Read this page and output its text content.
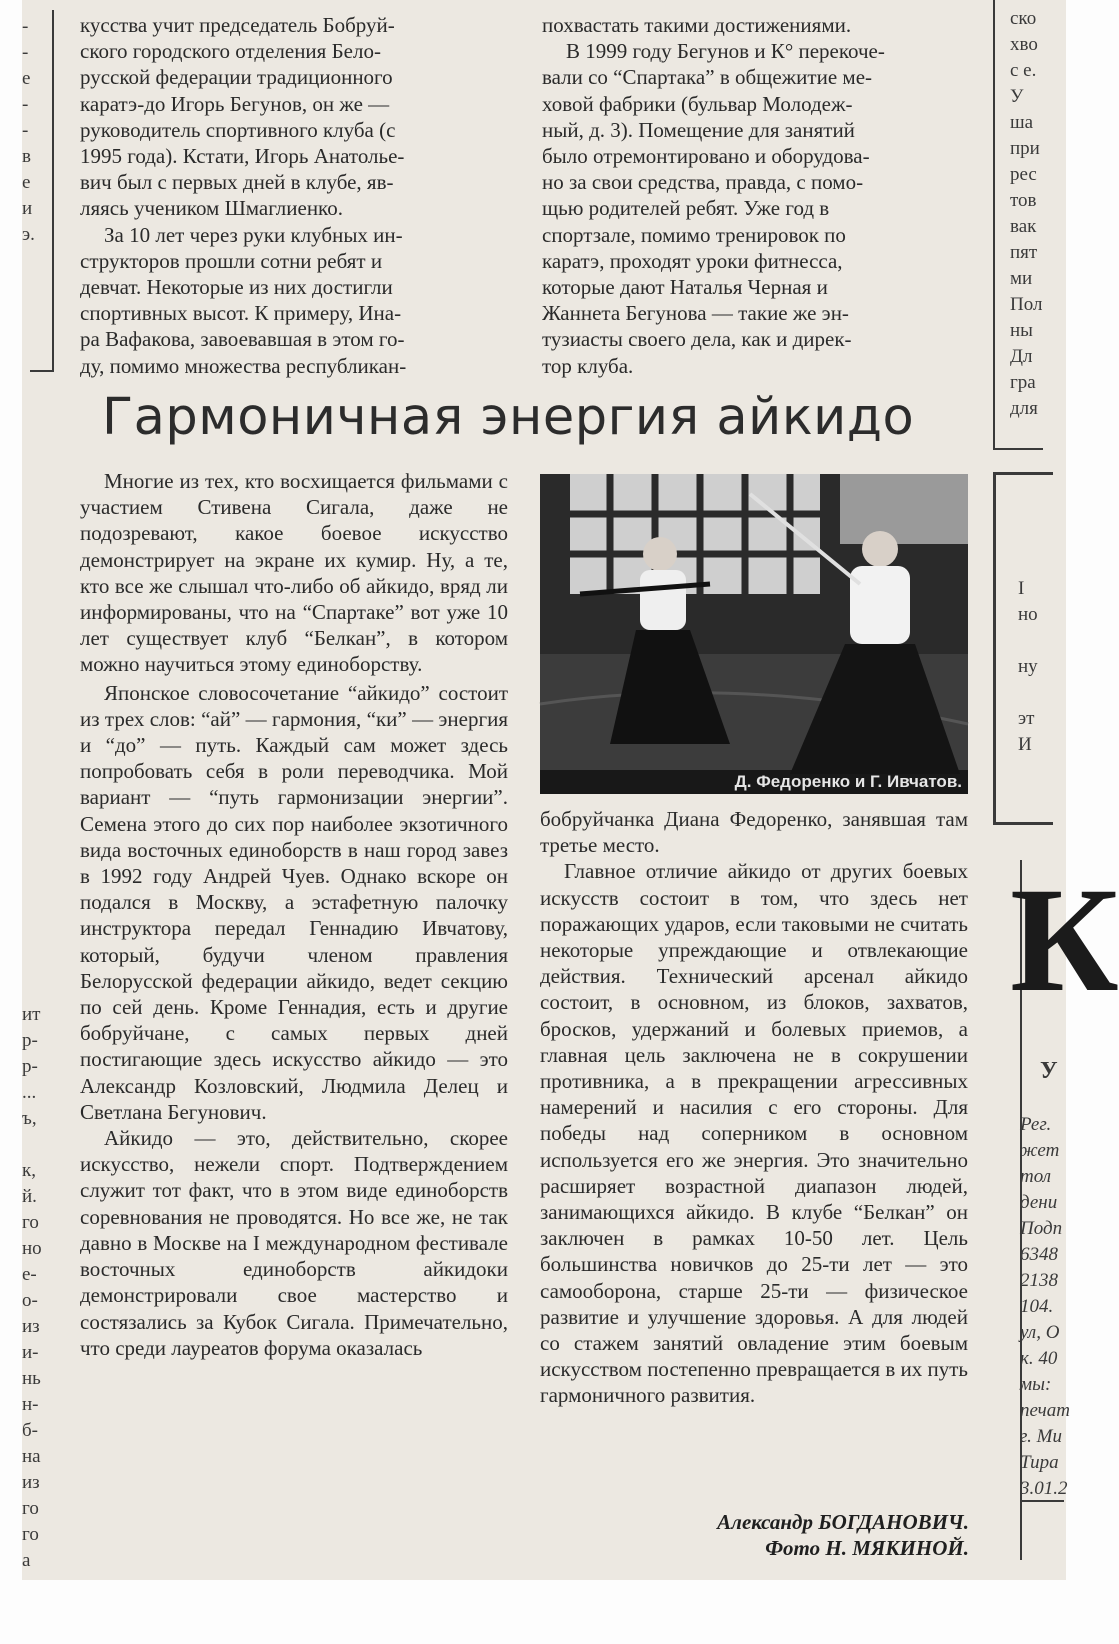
-
-
е
-
-
в
е
и
э.
ит
р-
р-
...
ъ,
к,
й.
го
но
е-
о-
из
и-
нь
н-
б-
на
из
го
го
а
кусства учит председатель Бобруй-
ского городского отделения Бело-
русской федерации традиционного
каратэ-до Игорь Бегунов, он же —
руководитель спортивного клуба (с
1995 года). Кстати, Игорь Анатолье-
вич был с первых дней в клубе, яв-
ляясь учеником Шмаглиенко.
За 10 лет через руки клубных ин-
структоров прошли сотни ребят и
девчат. Некоторые из них достигли
спортивных высот. К примеру, Ина-
ра Вафакова, завоевавшая в этом го-
ду, помимо множества республикан-
похвастать такими достижениями.
В 1999 году Бегунов и К° перекоче-
вали со “Спартака” в общежитие ме-
ховой фабрики (бульвар Молодеж-
ный, д. 3). Помещение для занятий
было отремонтировано и оборудова-
но за свои средства, правда, с помо-
щью родителей ребят. Уже год в
спортзале, помимо тренировок по
каратэ, проходят уроки фитнесса,
которые дают Наталья Черная и
Жаннета Бегунова — такие же эн-
тузиасты своего дела, как и дирек-
тор клуба.
ско
хво
с е.
У
ша
при
рес
тов
вак
пят
ми
Пол
ны
Дл
гра
для
I
но
ну
эт
И
К
У
Рег.
жет
тол
дени
Подп
6348
2138
104.
ул, О
к. 40
мы:
печат
г. Ми
Тира
3.01.2
Гармоничная энергия айкидо

Многие из тех, кто восхищается фильмами с участием Стивена Сигала, даже не подозревают, какое боевое искусство демонстрирует на экране их кумир. Ну, а те, кто все же слышал что-либо об айкидо, вряд ли информированы, что на “Спартаке” вот уже 10 лет существует клуб “Белкан”, в котором можно научиться этому единоборству.

Японское словосочетание “айкидо” состоит из трех слов: “ай” — гармония, “ки” — энергия и “до” — путь. Каждый сам может здесь попробовать себя в роли переводчика. Мой вариант — “путь гармонизации энергии”. Семена этого до сих пор наиболее экзотичного вида восточных единоборств в наш город завез в 1992 году Андрей Чуев. Однако вскоре он подался в Москву, а эстафетную палочку инструктора передал Геннадию Ивчатову, который, будучи членом правления Белорусской федерации айкидо, ведет секцию по сей день. Кроме Геннадия, есть и другие бобруйчане, с самых первых дней постигающие здесь искусство айкидо — это Александр Козловский, Людмила Делец и Светлана Бегунович.

Айкидо — это, действительно, скорее искусство, нежели спорт. Подтверждением служит тот факт, что в этом виде единоборств соревнования не проводятся. Но все же, не так давно в Москве на I международном фестивале восточных единоборств айкидоки демонстрировали свое мастерство и состязались за Кубок Сигала. Примечательно, что среди лауреатов форума оказалась

Д. Федоренко и Г. Ивчатов.

бобруйчанка Диана Федоренко, занявшая там третье место.

Главное отличие айкидо от других боевых искусств состоит в том, что здесь нет поражающих ударов, если таковыми не считать некоторые упреждающие и отвлекающие действия. Технический арсенал айкидо состоит, в основном, из блоков, захватов, бросков, удержаний и болевых приемов, а главная цель заключена не в сокрушении противника, а в прекращении агрессивных намерений и насилия с его стороны. Для победы над соперником в основном используется его же энергия. Это значительно расширяет возрастной диапазон людей, занимающихся айкидо. В клубе “Белкан” он заключен в рамках 10-50 лет. Цель большинства новичков до 25-ти лет — это самооборона, старше 25-ти — физическое развитие и улучшение здоровья. А для людей со стажем занятий овладение этим боевым искусством постепенно превращается в их путь гармоничного развития.

Александр БОГДАНОВИЧ.
Фото Н. МЯКИНОЙ.
